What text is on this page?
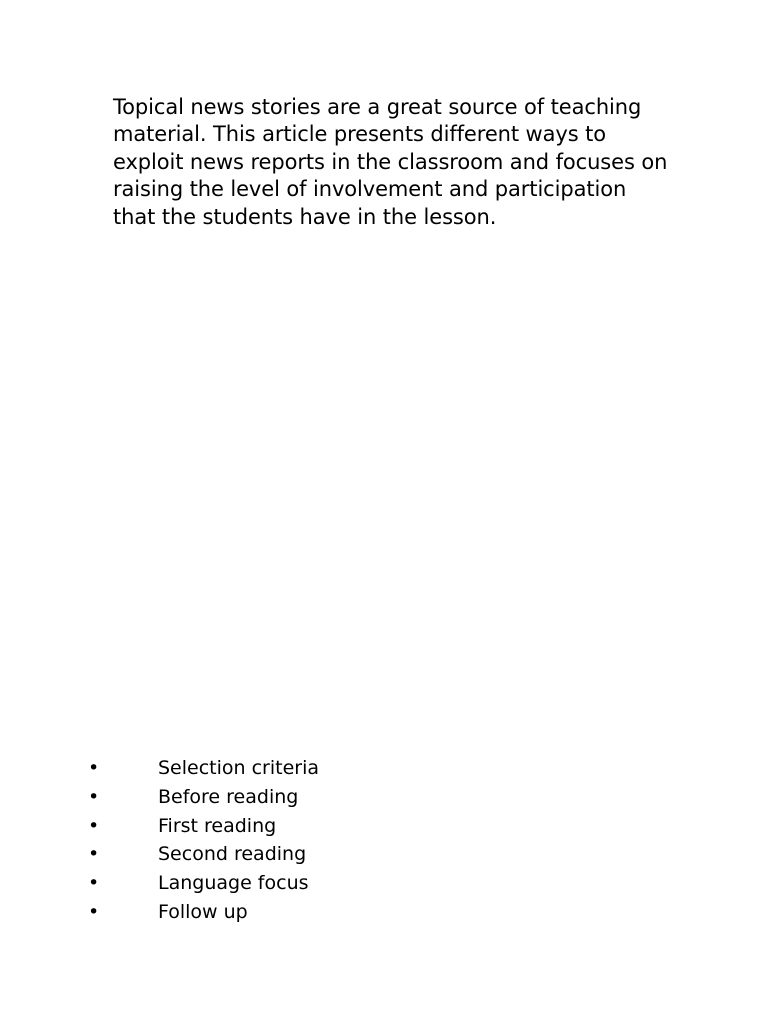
Topical news stories are a great source of teaching material. This article presents different ways to exploit news reports in the classroom and focuses on raising the level of involvement and participation that the students have in the lesson.

•	Selection criteria
•	Before reading
•	First reading
•	Second reading
•	Language focus
•	Follow up
